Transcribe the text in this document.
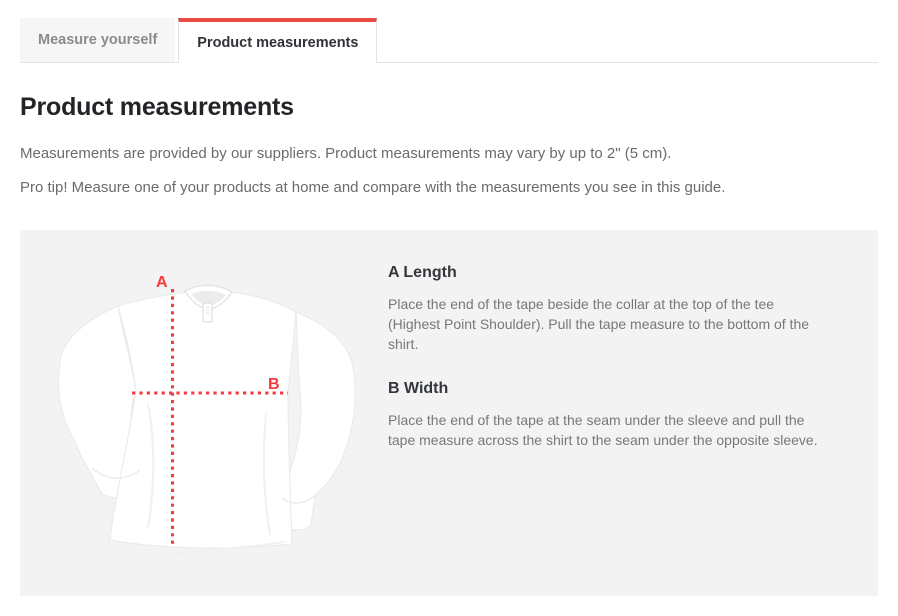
Measure yourself	Product measurements
Product measurements

Measurements are provided by our suppliers. Product measurements may vary by up to 2" (5 cm).

Pro tip! Measure one of your products at home and compare with the measurements you see in this guide.

A
B
A Length

Place the end of the tape beside the collar at the top of the tee (Highest Point Shoulder). Pull the tape measure to the bottom of the shirt.

B Width

Place the end of the tape at the seam under the sleeve and pull the tape measure across the shirt to the seam under the opposite sleeve.
